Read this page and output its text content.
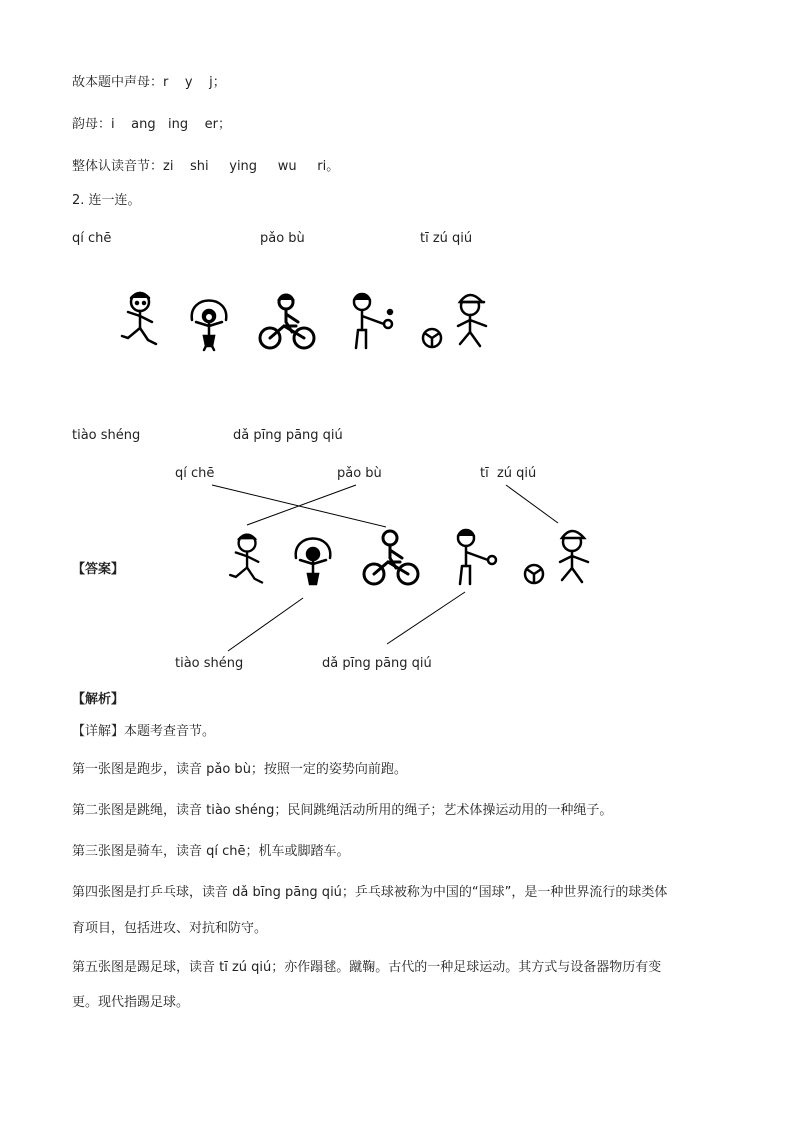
故本题中声母：r    y    j；
韵母：i    ang   ing    er；
整体认读音节：zi    shi     ying     wu     ri。
2. 连一连。
qí chē	pǎo bù	tī zú qiú
tiào shéng	dǎ pīng pāng qiú
qí chē	pǎo bù	tī  zú qiú
【答案】
tiào shéng	dǎ pīng pāng qiú
【解析】
【详解】本题考查音节。
第一张图是跑步，读音 pǎo bù；按照一定的姿势向前跑。
第二张图是跳绳，读音 tiào shéng；民间跳绳活动所用的绳子；艺术体操运动用的一种绳子。
第三张图是骑车，读音 qí chē；机车或脚踏车。
第四张图是打乒乓球，读音 dǎ bīng pāng qiú；乒乓球被称为中国的“国球”，是一种世界流行的球类体
育项目，包括进攻、对抗和防守。
第五张图是踢足球，读音 tī zú qiú；亦作蹋毬。蹴鞠。古代的一种足球运动。其方式与设备器物历有变
更。现代指踢足球。
